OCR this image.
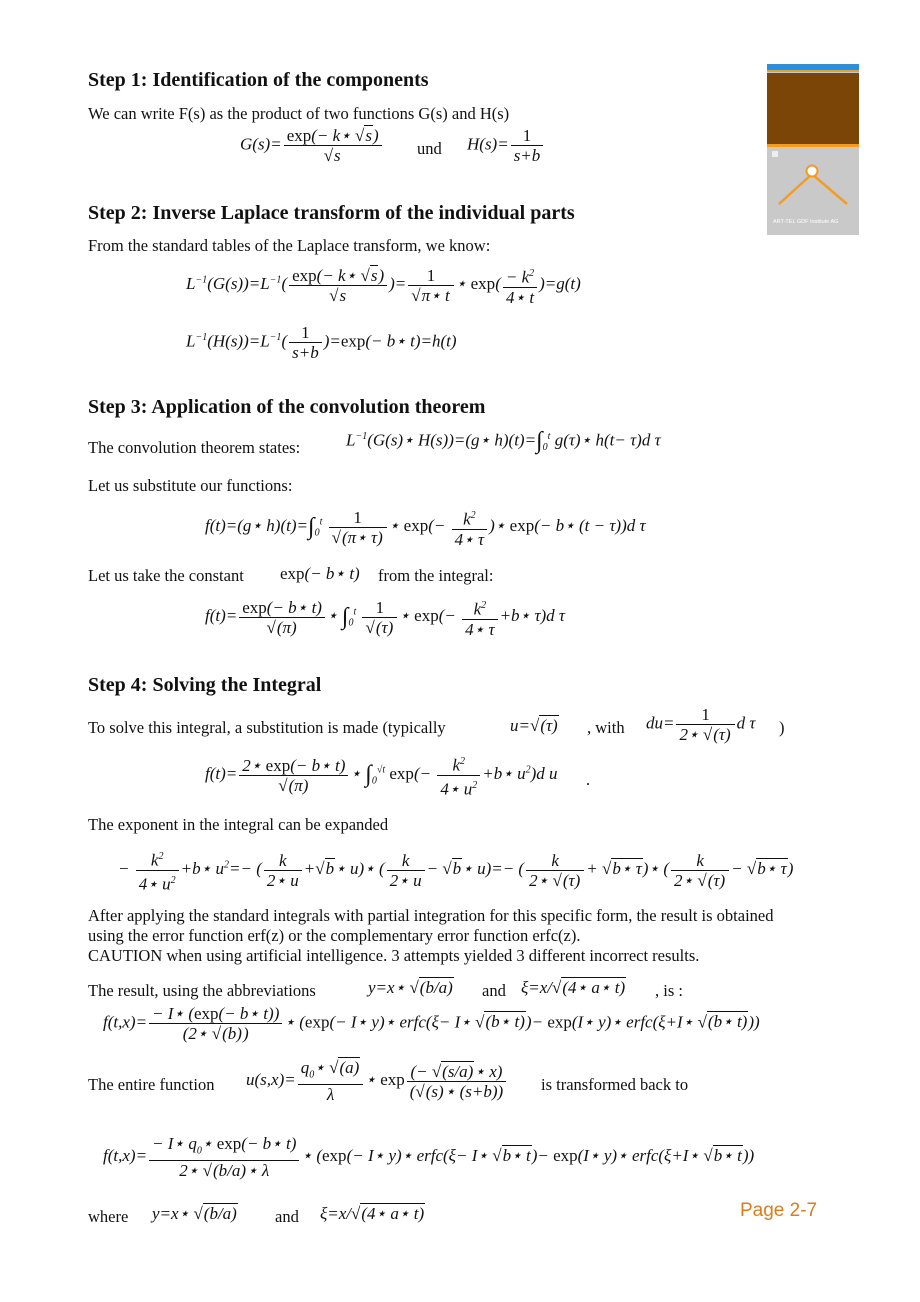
ART-TEL GDF Institute AG
Step 1: Identification of the components
We can write F(s) as the product of two functions G(s) and H(s)
$G(s)= \frac{\exp(- k⋆ √s)}{√s}$ und $H(s)= \frac{1}{s+b}$
Step 2: Inverse Laplace transform of the individual parts
From the standard tables of the Laplace transform, we know:
$L^{-1}(G(s))=L^{-1}( \frac{\exp(- k⋆ √s)}{√s}$ )= $\frac{1}{√\pi⋆ t}$ ⋆ $\exp( \frac{- k^2}{4⋆ t} )=g(t)$
$L^{-1}(H(s))=L^{-1}( \frac{1}{s+b} )=\exp(-$ b⋆ t)=h(t)
Step 3: Application of the convolution theorem
The convolution theorem states:	$L^{-1}(G(s)⋆$ H(s))=(g⋆ $h)(t)=\int_0^t$ g(τ)⋆ h(t− τ)d τ
Let us substitute our functions:
f(t)=(g⋆ $h)(t)=\int_0^t \frac{1}{√(\pi⋆ \tau)}$ ⋆ $\exp(- \frac{k^2}{4⋆ \tau}$ )⋆ exp(− b⋆ (t − τ))d τ
Let us take the constant exp(− b⋆ t) from the integral:
$f(t)= \frac{\exp(- b⋆ t)}{√(\pi)}$ ⋆ $\int_0^t \frac{1}{√(\tau)}$ ⋆ $\exp(- \frac{k^2}{4⋆ \tau}$ +b⋆ τ)d τ
Step 4: Solving the Integral
To solve this integral, a substitution is made (typically	u=√(τ) , with $du= \frac{1}{2⋆ √(\tau)}$ d τ )
$f(t)= \frac{2⋆ \exp(- b⋆ t)}{√(\pi)}$ ⋆ $\int_0^{√t}$ $\exp(- \frac{k^2}{4⋆ u^2}$ +b⋆ $u^2)d$ u .
The exponent in the integral can be expanded
− $\frac{k^2}{4⋆ u^2}$ +b⋆ $u^2=-$ ( $\frac{k}{2⋆ u}$ +√b⋆ u)⋆ ( $\frac{k}{2⋆ u}$ − √b⋆ u)=− ( $\frac{k}{2⋆ √(\tau)}$ + √b⋆ τ)⋆ ( $\frac{k}{2⋆ √(\tau)}$ − √b⋆ τ)
After applying the standard integrals with partial integration for this specific form, the result is obtained using the error function erf(z) or the complementary error function erfc(z).
CAUTION when using artificial intelligence. 3 attempts yielded 3 different incorrect results.
The result, using the abbreviations	y=x⋆ √(b/a) and ξ=x/√(4⋆ a⋆ t) , is :
$f(t,x)= \frac{- I⋆ (\exp(- b⋆ t))}{(2⋆ √(b))}$ ⋆ (exp(− I⋆ y)⋆ erfc(ξ− I⋆ √(b⋆ t))− exp(I⋆ y)⋆ erfc(ξ+I⋆ √(b⋆ t)))
The entire function $u(s,x)= \frac{q_0⋆ √(a)}{\lambda}$ ⋆ $\exp \frac{(- √(s/a)⋆ x)}{(√(s)⋆ (s+b))}$ is transformed back to
$f(t,x)= \frac{- I⋆ q_0⋆ \exp(- b⋆ t)}{2⋆ √(b/a)⋆ \lambda}$ ⋆ (exp(− I⋆ y)⋆ erfc(ξ− I⋆ √b⋆ t)− exp(I⋆ y)⋆ erfc(ξ+I⋆ √b⋆ t))
where y=x⋆ √(b/a) and ξ=x/√(4⋆ a⋆ t)	Page 2-7
